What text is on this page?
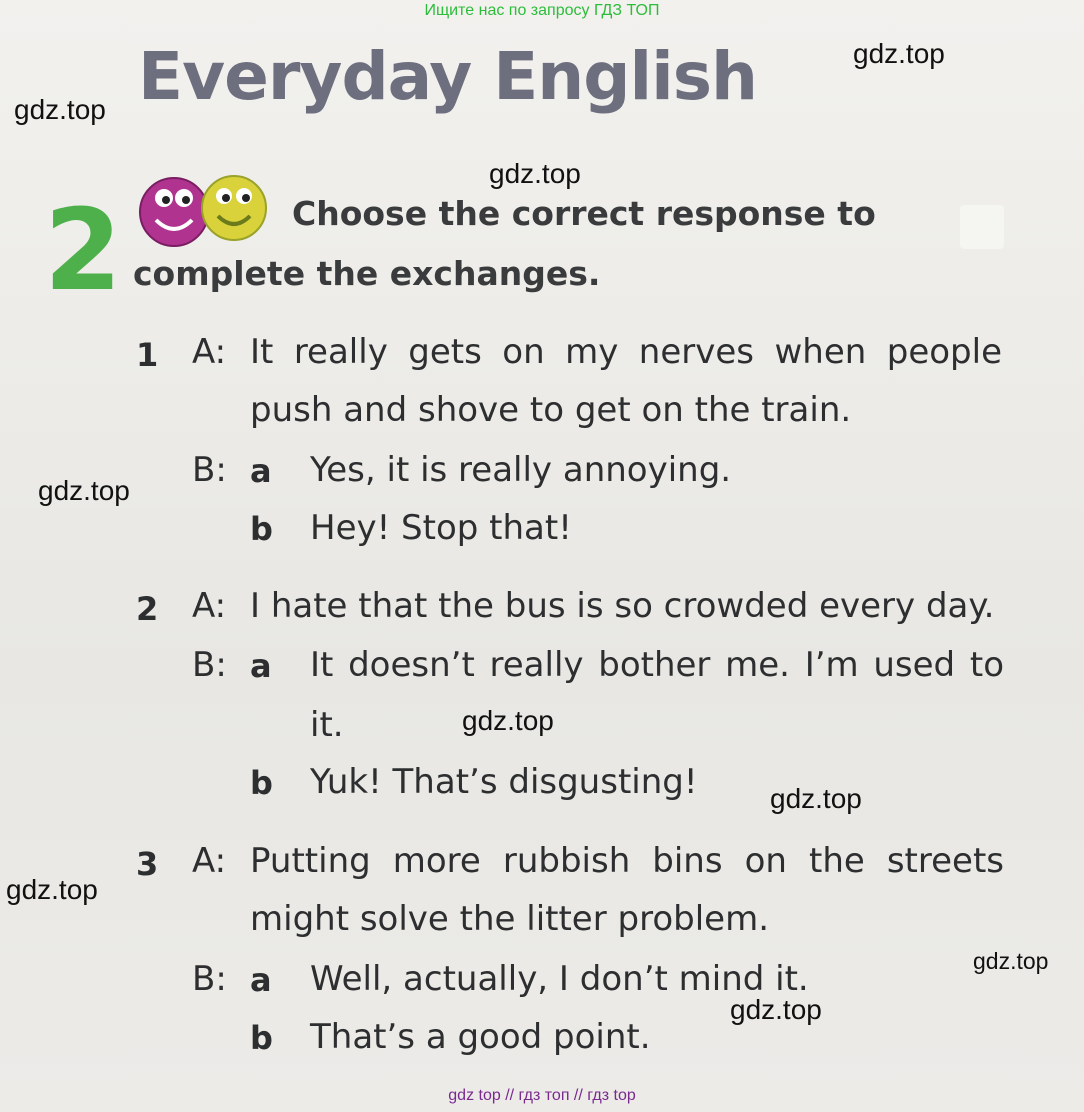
Ищите нас по запросу ГДЗ ТОП
Everyday English	gdz.top
gdz.top
gdz.top
gdz.top
gdz.top
gdz.top
gdz.top
gdz.top
gdz.top
2	Choose the correct response to
complete the exchanges.
1 A: It really gets on my nerves when people
push and shove to get on the train.
B: a Yes, it is really annoying.
b Hey! Stop that!
2 A: I hate that the bus is so crowded every day.
B: a It doesn’t really bother me. I’m used to
it.
b Yuk! That’s disgusting!
3 A: Putting more rubbish bins on the streets
might solve the litter problem.
B: a Well, actually, I don’t mind it.
b That’s a good point.
gdz top // гдз топ // гдз top
